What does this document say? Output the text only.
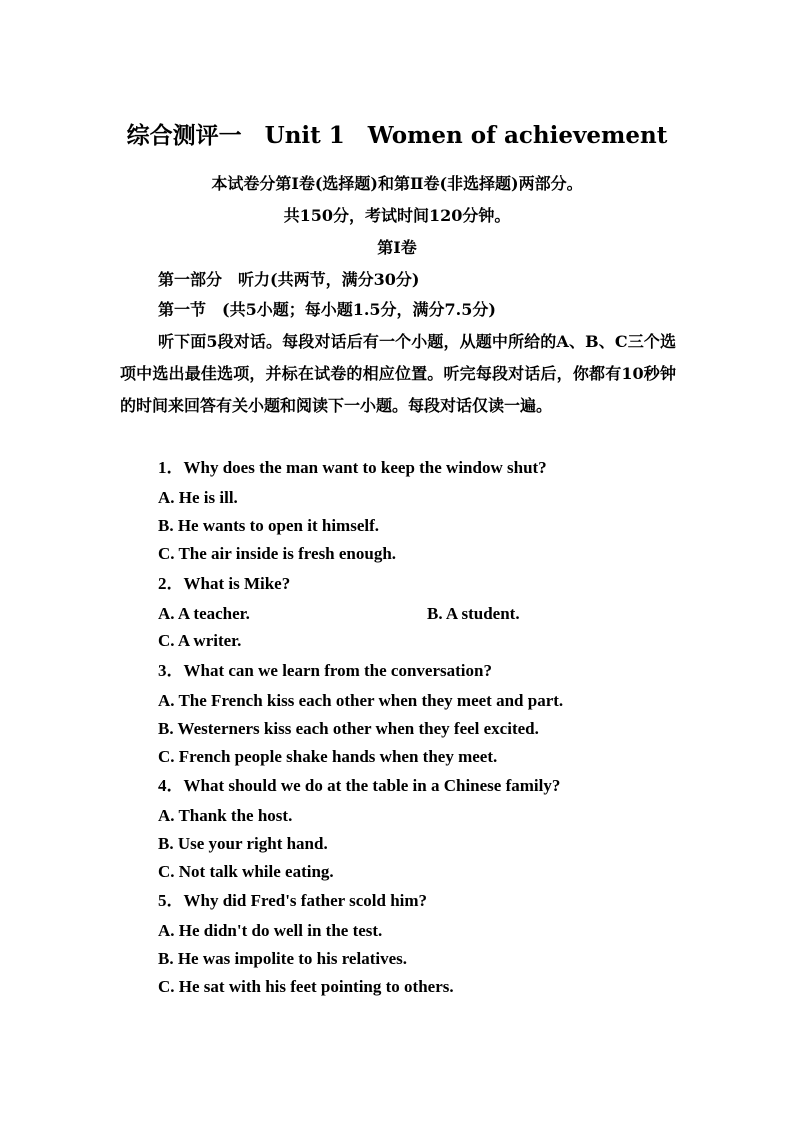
综合测评一　Unit 1　Women of achievement
本试卷分第Ⅰ卷(选择题)和第Ⅱ卷(非选择题)两部分。
共150分，考试时间120分钟。
第Ⅰ卷
第一部分　听力(共两节，满分30分)
第一节　(共5小题；每小题1.5分，满分7.5分)
听下面5段对话。每段对话后有一个小题，从题中所给的A、B、C三个选项中选出最佳选项，并标在试卷的相应位置。听完每段对话后，你都有10秒钟的时间来回答有关小题和阅读下一小题。每段对话仅读一遍。
1．Why does the man want to keep the window shut?
A. He is ill.
B. He wants to open it himself.
C. The air inside is fresh enough.
2．What is Mike?
A. A teacher.	B. A student.
C. A writer.
3．What can we learn from the conversation?
A. The French kiss each other when they meet and part.
B. Westerners kiss each other when they feel excited.
C. French people shake hands when they meet.
4．What should we do at the table in a Chinese family?
A. Thank the host.
B. Use your right hand.
C. Not talk while eating.
5．Why did Fred's father scold him?
A. He didn't do well in the test.
B. He was impolite to his relatives.
C. He sat with his feet pointing to others.
